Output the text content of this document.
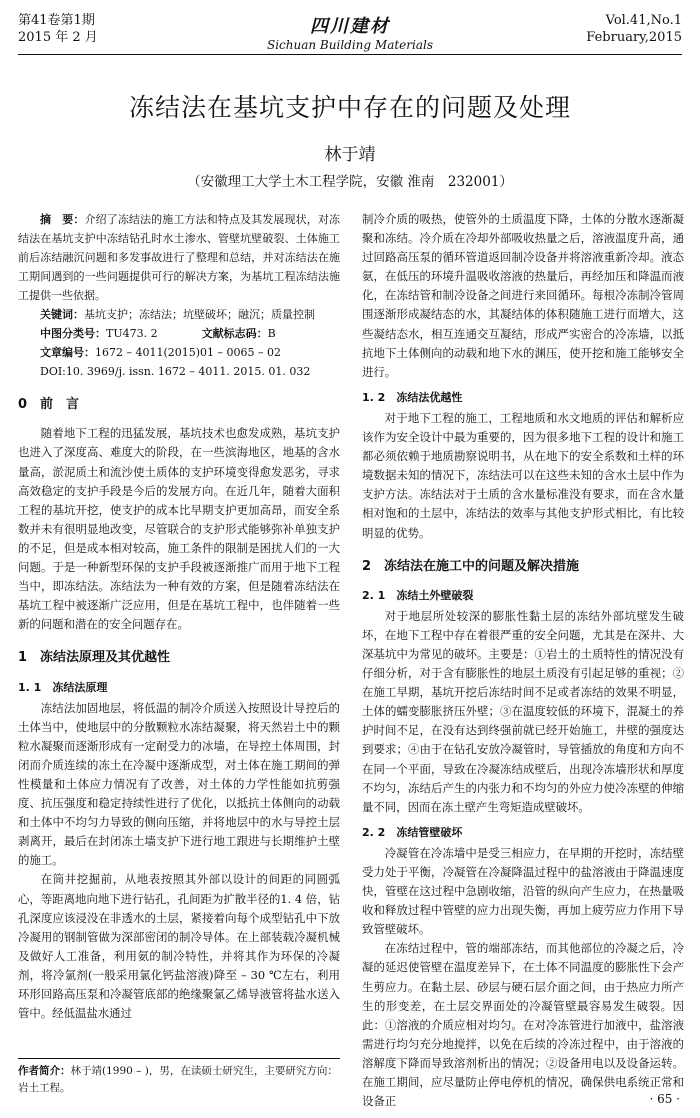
第41卷第1期
2015 年 2 月
四川建材
Sichuan Building Materials
Vol.41,No.1
February,2015
冻结法在基坑支护中存在的问题及处理
林于靖
（安徽理工大学土木工程学院，安徽 淮南　232001）

摘　要：介绍了冻结法的施工方法和特点及其发展现状，对冻结法在基坑支护中冻结钻孔时水土渗水、管壁坑壁破裂、土体施工前后冻结融沉问题和多发事故进行了整理和总结，并对冻结法在施工期间遇到的一些问题提供可行的解决方案，为基坑工程冻结法施工提供一些依据。

关键词：基坑支护；冻结法；坑壁破坏；融沉；质量控制

中图分类号：TU473. 2　　　　	文献标志码：B

文章编号：1672 – 4011(2015)01 – 0065 – 02

DOI:10. 3969/j. issn. 1672 – 4011. 2015. 01. 032

0　前　言

随着地下工程的迅猛发展，基坑技术也愈发成熟，基坑支护也进入了深度高、难度大的阶段，在一些滨海地区，地基的含水量高，淤泥质土和流沙使土质体的支护环境变得愈发恶劣，寻求高效稳定的支护手段是今后的发展方向。在近几年，随着大面积工程的基坑开挖，使支护的成本比早期支护更加高昂，而安全系数并未有很明显地改变，尽管联合的支护形式能够弥补单独支护的不足，但是成本相对较高，施工条件的限制是困扰人们的一大问题。于是一种新型环保的支护手段被逐渐推广而用于地下工程当中，即冻结法。冻结法为一种有效的方案，但是随着冻结法在基坑工程中被逐渐广泛应用，但是在基坑工程中，也伴随着一些新的问题和潜在的安全问题存在。

1　冻结法原理及其优越性

1. 1　冻结法原理

冻结法加固地层，将低温的制冷介质送入按照设计导控后的土体当中，使地层中的分散颗粒水冻结凝聚，将天然岩土中的颗粒水凝聚而逐渐形成有一定耐受力的冰墙，在导控土体周围，封闭而介质连续的冻土在冷凝中逐渐成型，对土体在施工期间的弹性模量和土体应力情况有了改善，对土体的力学性能如抗剪强度、抗压强度和稳定持续性进行了优化，以抵抗土体侧向的动载和土体中不均匀力导致的侧向压缩，并将地层中的水与导控土层剥离开，最后在封闭冻土墙支护下进行地工跟进与长期维护土壁的施工。

在筒井挖掘前，从地表按照其外部以设计的间距的同圆弧心，等距离地向地下进行钻孔，孔间距为扩散半径的1. 4 倍，钻孔深度应该浸没在非透水的土层，紧接着向每个成型钻孔中下放冷凝用的钢制管做为深部密闭的制冷导体。在上部装载冷凝机械及做好人工准备，利用氨的制冷特性，并将其作为环保的冷凝剂，将冷氯剂(一般采用氯化钙盐溶液)降至 – 30 ℃左右，利用环形回路高压泵和冷凝管底部的绝缘聚氯乙烯导液管将盐水送入管中。经低温盐水通过

制冷介质的吸热，使管外的土质温度下降，土体的分散水逐渐凝聚和冻结。冷介质在冷却外部吸收热量之后，溶液温度升高，通过回路高压泵的循环管道返回制冷设备并将溶液重新冷却。液态氨，在低压的环境升温吸收溶液的热量后，再经加压和降温而液化，在冻结管和制冷设备之间进行来回循环。每根冷冻制冷管周围逐渐形成凝结态的水，其凝结体的体积随施工进行而增大，这些凝结态水，相互连通交互凝结，形成严实密合的冷冻墙，以抵抗地下土体侧向的动载和地下水的渊压，使开挖和施工能够安全进行。

1. 2　冻结法优越性

对于地下工程的施工，工程地质和水文地质的评估和解析应该作为安全设计中最为重要的，因为很多地下工程的设计和施工都必须依赖于地质勘察说明书，从在地下的安全系数和土样的环境数据未知的情况下，冻结法可以在这些未知的含水土层中作为支护方法。冻结法对于土质的含水量标准没有要求，而在含水量相对饱和的土层中，冻结法的效率与其他支护形式相比，有比较明显的优势。

2　冻结法在施工中的问题及解决措施

2. 1　冻结土外壁破裂

对于地层所处较深的膨胀性黏土层的冻结外部坑壁发生破坏，在地下工程中存在着很严重的安全问题，尤其是在深井、大深基坑中为常见的破坏。主要是：①岩土的土质特性的情况没有仔细分析，对于含有膨胀性的地层土质没有引起足够的重视；②在施工早期，基坑开挖后冻结时间不足或者冻结的效果不明显，土体的蠕变膨胀挤压外壁；③在温度较低的环境下，混凝土的养护时间不足，在没有达到终强前就已经开始施工，井壁的强度达到要求；④由于在钻孔安放冷凝管时，导管插放的角度和方向不在同一个平面，导致在冷凝冻结成壁后，出现冷冻墙形状和厚度不均匀，冻结后产生的内张力和不均匀的外应力使冷冻壁的伸缩量不同，因而在冻土壁产生弯矩造成壁破坏。

2. 2　冻结管壁破坏

冷凝管在冷冻墙中是受三相应力，在早期的开挖时，冻结壁受力处于平衡，冷凝管在冷凝降温过程中的盐溶液由于降温速度快，管壁在这过程中急剧收缩，沿管的纵向产生应力，在热量吸收和释放过程中管壁的应力出现失衡，再加上疲劳应力作用下导致管壁破坏。

在冻结过程中，管的端部冻结，而其他部位的冷凝之后，冷凝的延迟使管壁在温度差异下，在土体不同温度的膨胀性下会产生剪应力。在黏土层、砂层与硬石层介面之间，由于热应力所产生的形变差，在土层交界面处的冷凝管壁最容易发生破裂。因此：①溶液的介质应相对均匀。在对冷冻管进行加液中，盐溶液需进行均匀充分地搅拌，以免在后续的冷冻过程中，由于溶液的溶解度下降而导致溶剂析出的情况；②设备用电以及设备运转。在施工期间，应尽量防止停电停机的情况，确保供电系统正常和设备正

作者简介：林于靖(1990 – )，男，在读硕士研究生，主要研究方向：岩土工程。
· 65 ·
